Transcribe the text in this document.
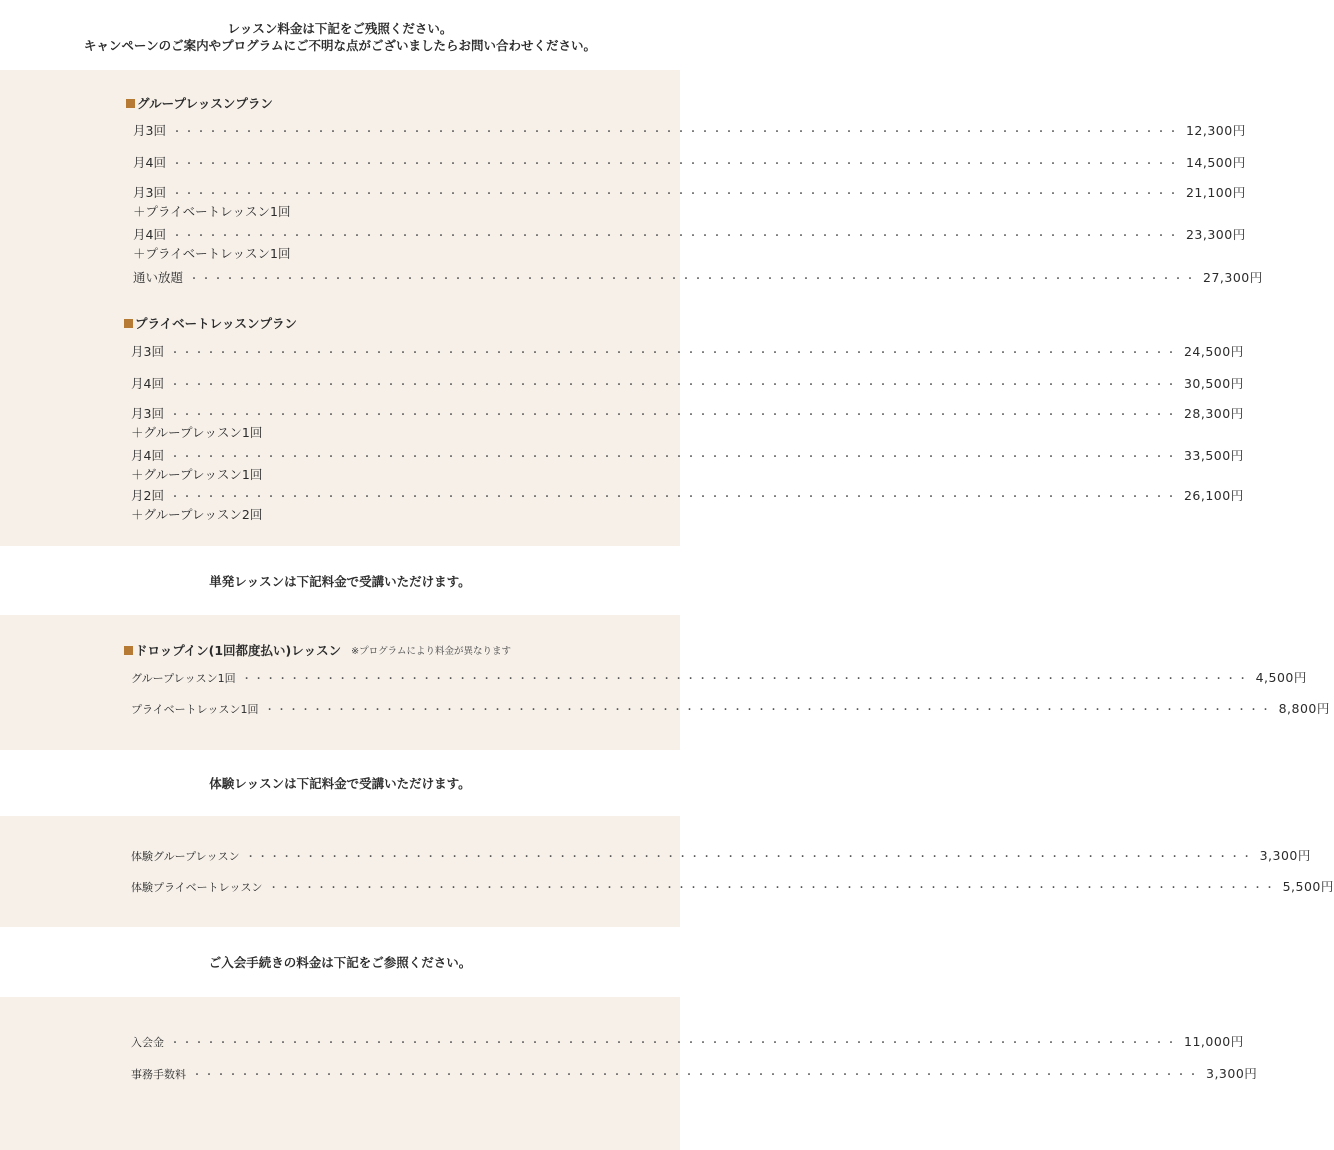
レッスン料金は下記をご残照ください。
キャンペーンのご案内やプログラムにご不明な点がございましたらお問い合わせください。
グループレッスンプラン
月3回 ・・・・・・・・・・・・・・・・・・・・・・・・・・・・・・・・・・・・・・・・・・・・・・・・・・・・・・・・・・・・・・・・・・・・・・・・・・・・・・・・・・・・ 12,300円
月4回 ・・・・・・・・・・・・・・・・・・・・・・・・・・・・・・・・・・・・・・・・・・・・・・・・・・・・・・・・・・・・・・・・・・・・・・・・・・・・・・・・・・・・ 14,500円
月3回 ・・・・・・・・・・・・・・・・・・・・・・・・・・・・・・・・・・・・・・・・・・・・・・・・・・・・・・・・・・・・・・・・・・・・・・・・・・・・・・・・・・・・ 21,100円
＋プライベートレッスン1回
月4回 ・・・・・・・・・・・・・・・・・・・・・・・・・・・・・・・・・・・・・・・・・・・・・・・・・・・・・・・・・・・・・・・・・・・・・・・・・・・・・・・・・・・・ 23,300円
＋プライベートレッスン1回
通い放題 ・・・・・・・・・・・・・・・・・・・・・・・・・・・・・・・・・・・・・・・・・・・・・・・・・・・・・・・・・・・・・・・・・・・・・・・・・・・・・・・・・・・・ 27,300円
プライベートレッスンプラン
月3回 ・・・・・・・・・・・・・・・・・・・・・・・・・・・・・・・・・・・・・・・・・・・・・・・・・・・・・・・・・・・・・・・・・・・・・・・・・・・・・・・・・・・・ 24,500円
月4回 ・・・・・・・・・・・・・・・・・・・・・・・・・・・・・・・・・・・・・・・・・・・・・・・・・・・・・・・・・・・・・・・・・・・・・・・・・・・・・・・・・・・・ 30,500円
月3回 ・・・・・・・・・・・・・・・・・・・・・・・・・・・・・・・・・・・・・・・・・・・・・・・・・・・・・・・・・・・・・・・・・・・・・・・・・・・・・・・・・・・・ 28,300円
＋グループレッスン1回
月4回 ・・・・・・・・・・・・・・・・・・・・・・・・・・・・・・・・・・・・・・・・・・・・・・・・・・・・・・・・・・・・・・・・・・・・・・・・・・・・・・・・・・・・ 33,500円
＋グループレッスン1回
月2回 ・・・・・・・・・・・・・・・・・・・・・・・・・・・・・・・・・・・・・・・・・・・・・・・・・・・・・・・・・・・・・・・・・・・・・・・・・・・・・・・・・・・・ 26,100円
＋グループレッスン2回
単発レッスンは下記料金で受講いただけます。
ドロップイン(1回都度払い)レッスン ※プログラムにより料金が異なります
グループレッスン1回 ・・・・・・・・・・・・・・・・・・・・・・・・・・・・・・・・・・・・・・・・・・・・・・・・・・・・・・・・・・・・・・・・・・・・・・・・・・・・・・・・・・・・ 4,500円
プライベートレッスン1回 ・・・・・・・・・・・・・・・・・・・・・・・・・・・・・・・・・・・・・・・・・・・・・・・・・・・・・・・・・・・・・・・・・・・・・・・・・・・・・・・・・・・・ 8,800円
体験レッスンは下記料金で受講いただけます。
体験グループレッスン ・・・・・・・・・・・・・・・・・・・・・・・・・・・・・・・・・・・・・・・・・・・・・・・・・・・・・・・・・・・・・・・・・・・・・・・・・・・・・・・・・・・・ 3,300円
体験プライベートレッスン ・・・・・・・・・・・・・・・・・・・・・・・・・・・・・・・・・・・・・・・・・・・・・・・・・・・・・・・・・・・・・・・・・・・・・・・・・・・・・・・・・・・・ 5,500円
ご入会手続きの料金は下記をご参照ください。
入会金 ・・・・・・・・・・・・・・・・・・・・・・・・・・・・・・・・・・・・・・・・・・・・・・・・・・・・・・・・・・・・・・・・・・・・・・・・・・・・・・・・・・・・ 11,000円
事務手数料 ・・・・・・・・・・・・・・・・・・・・・・・・・・・・・・・・・・・・・・・・・・・・・・・・・・・・・・・・・・・・・・・・・・・・・・・・・・・・・・・・・・・・ 3,300円
